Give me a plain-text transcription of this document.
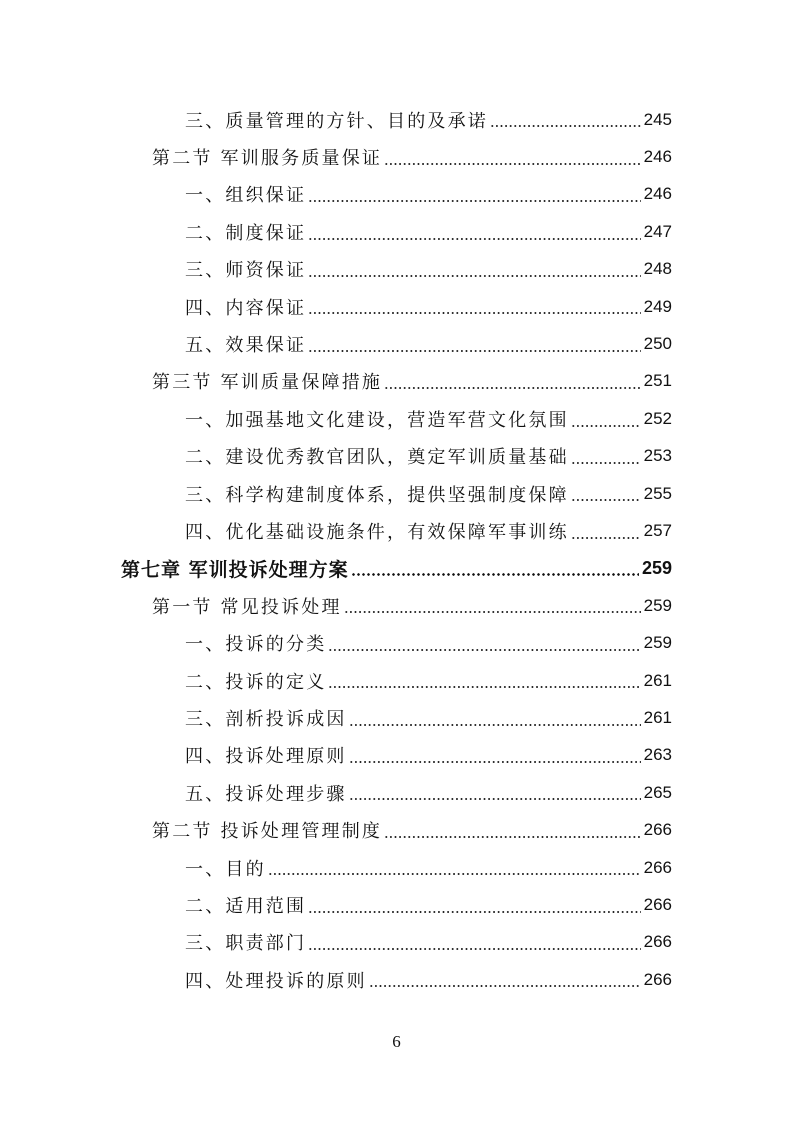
三、质量管理的方针、目的及承诺	245
第二节 军训服务质量保证	246
一、组织保证	246
二、制度保证	247
三、师资保证	248
四、内容保证	249
五、效果保证	250
第三节 军训质量保障措施	251
一、加强基地文化建设，营造军营文化氛围	252
二、建设优秀教官团队，奠定军训质量基础	253
三、科学构建制度体系，提供坚强制度保障	255
四、优化基础设施条件，有效保障军事训练	257
第七章 军训投诉处理方案	259
第一节 常见投诉处理	259
一、投诉的分类	259
二、投诉的定义	261
三、剖析投诉成因	261
四、投诉处理原则	263
五、投诉处理步骤	265
第二节 投诉处理管理制度	266
一、目的	266
二、适用范围	266
三、职责部门	266
四、处理投诉的原则	266
6
